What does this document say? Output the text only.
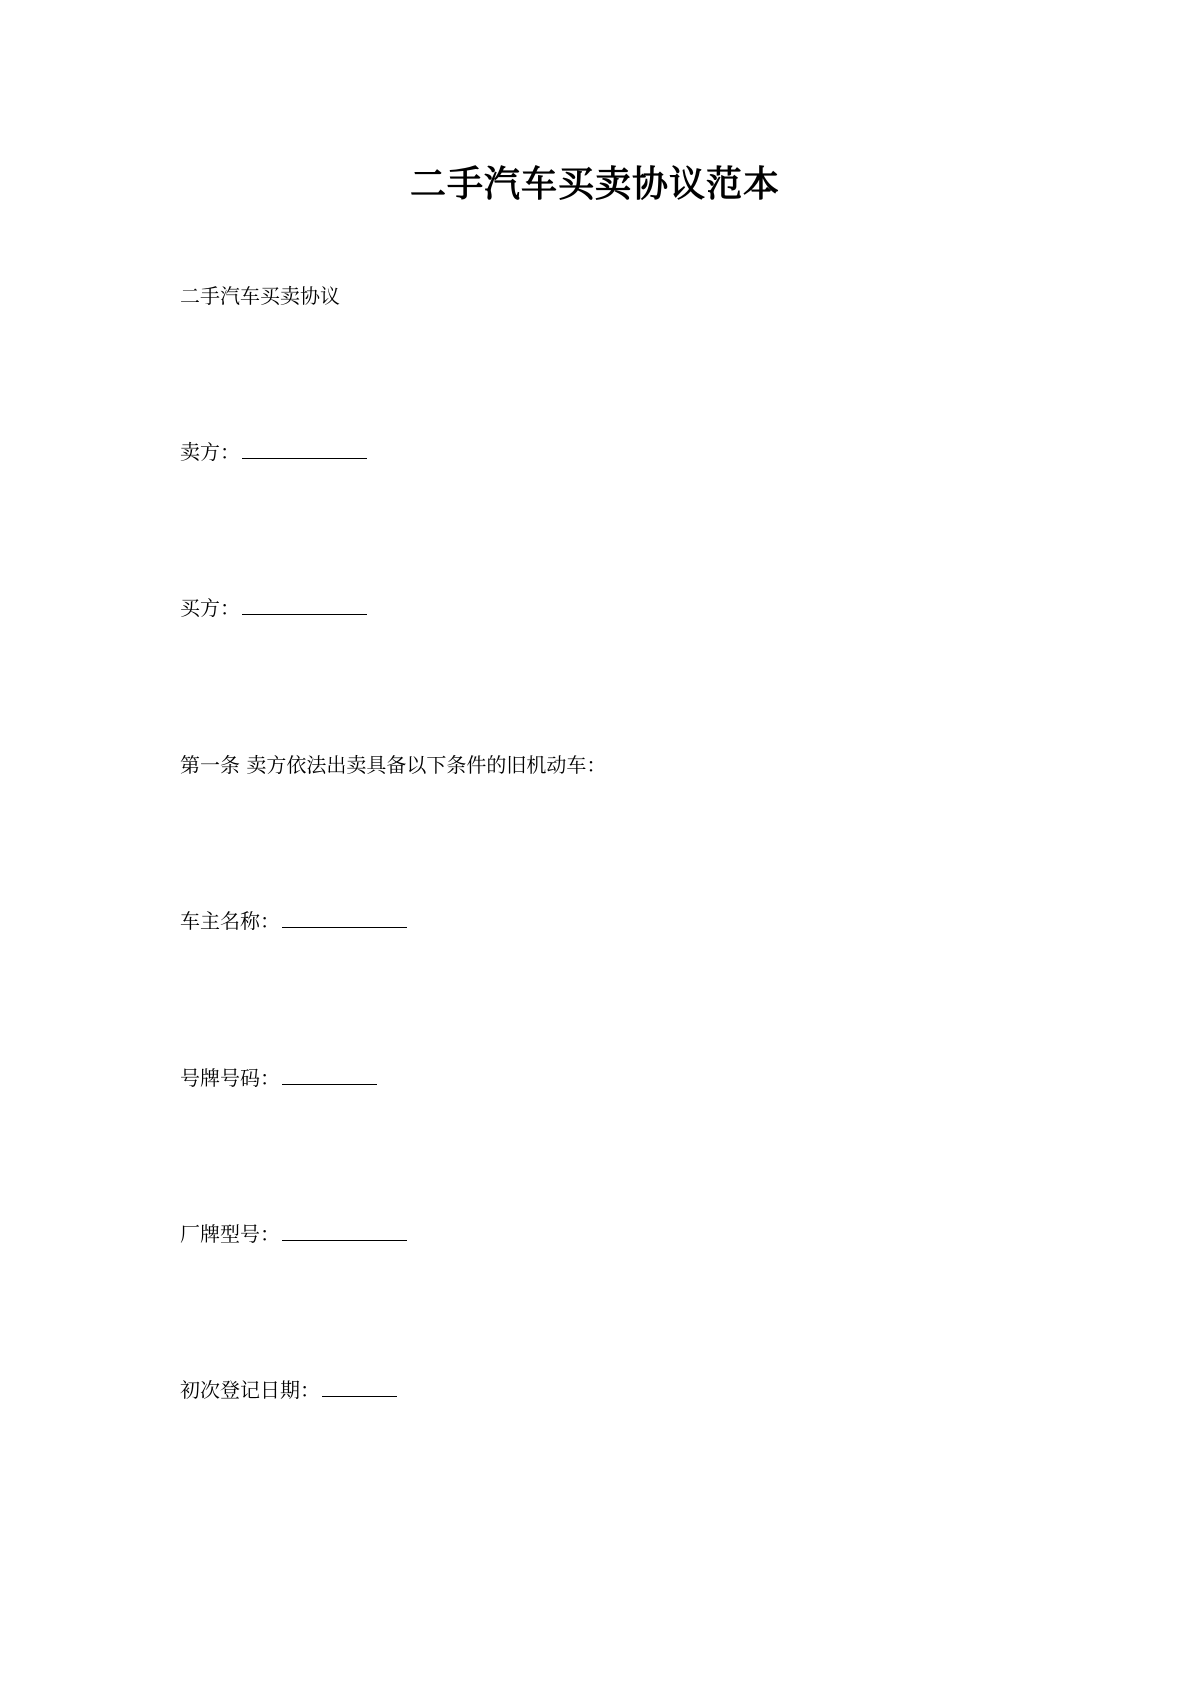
二手汽车买卖协议范本

二手汽车买卖协议

卖方：

买方：

第一条 卖方依法出卖具备以下条件的旧机动车：

车主名称：

号牌号码：

厂牌型号：

初次登记日期：
